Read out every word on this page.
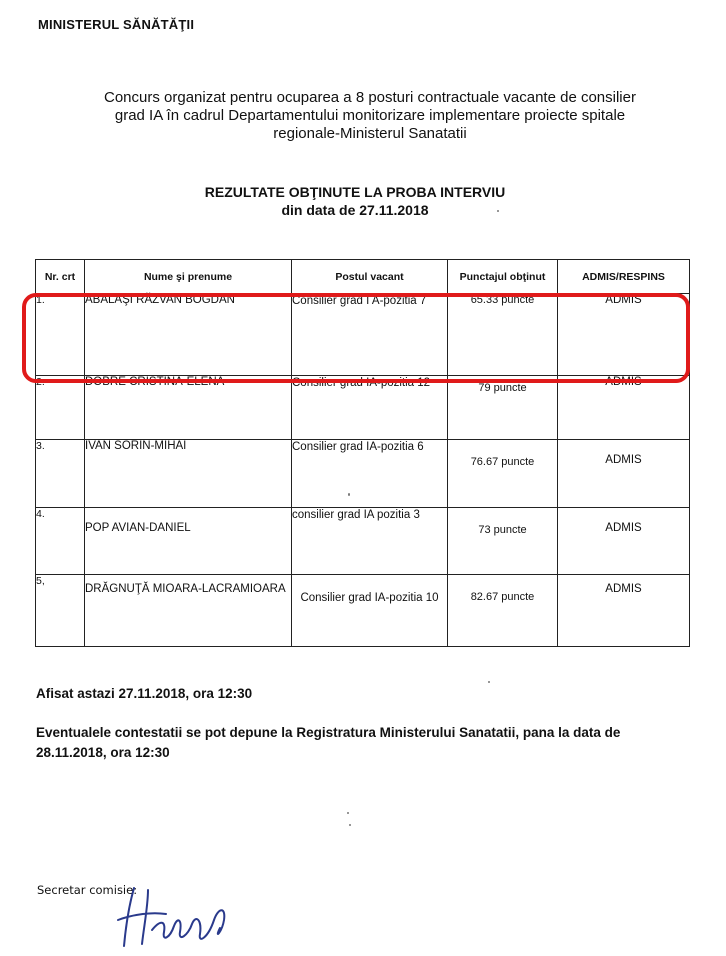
MINISTERUL SĂNĂTĂŢII
Concurs organizat pentru ocuparea a 8 posturi contractuale vacante de consilier
grad IA în cadrul Departamentului monitorizare implementare proiecte spitale
regionale-Ministerul Sanatatii
REZULTATE OBŢINUTE LA PROBA INTERVIU
din data de 27.11.2018
Nr. crt	Nume şi prenume	Postul vacant	Punctajul obţinut	ADMIS/RESPINS
1.	ABALAŞI RĂZVAN BOGDAN	Consilier grad I A-pozitia 7	65.33 puncte	ADMIS
2.	DOBRE CRISTINA-ELENA	Consilier grad IA-pozitia 12	79 puncte	ADMIS
3.	IVAN SORIN-MIHAI	Consilier grad IA-pozitia 6	76.67 puncte	ADMIS
4.	POP AVIAN-DANIEL	consilier grad IA pozitia 3	73 puncte	ADMIS
5,	DRĂGNUŢĂ MIOARA-LACRAMIOARA	Consilier grad IA-pozitia 10	82.67 puncte	ADMIS
Afisat astazi 27.11.2018, ora 12:30
Eventualele contestatii se pot depune la Registratura Ministerului Sanatatii, pana la data de 28.11.2018, ora 12:30
Secretar comisie:
